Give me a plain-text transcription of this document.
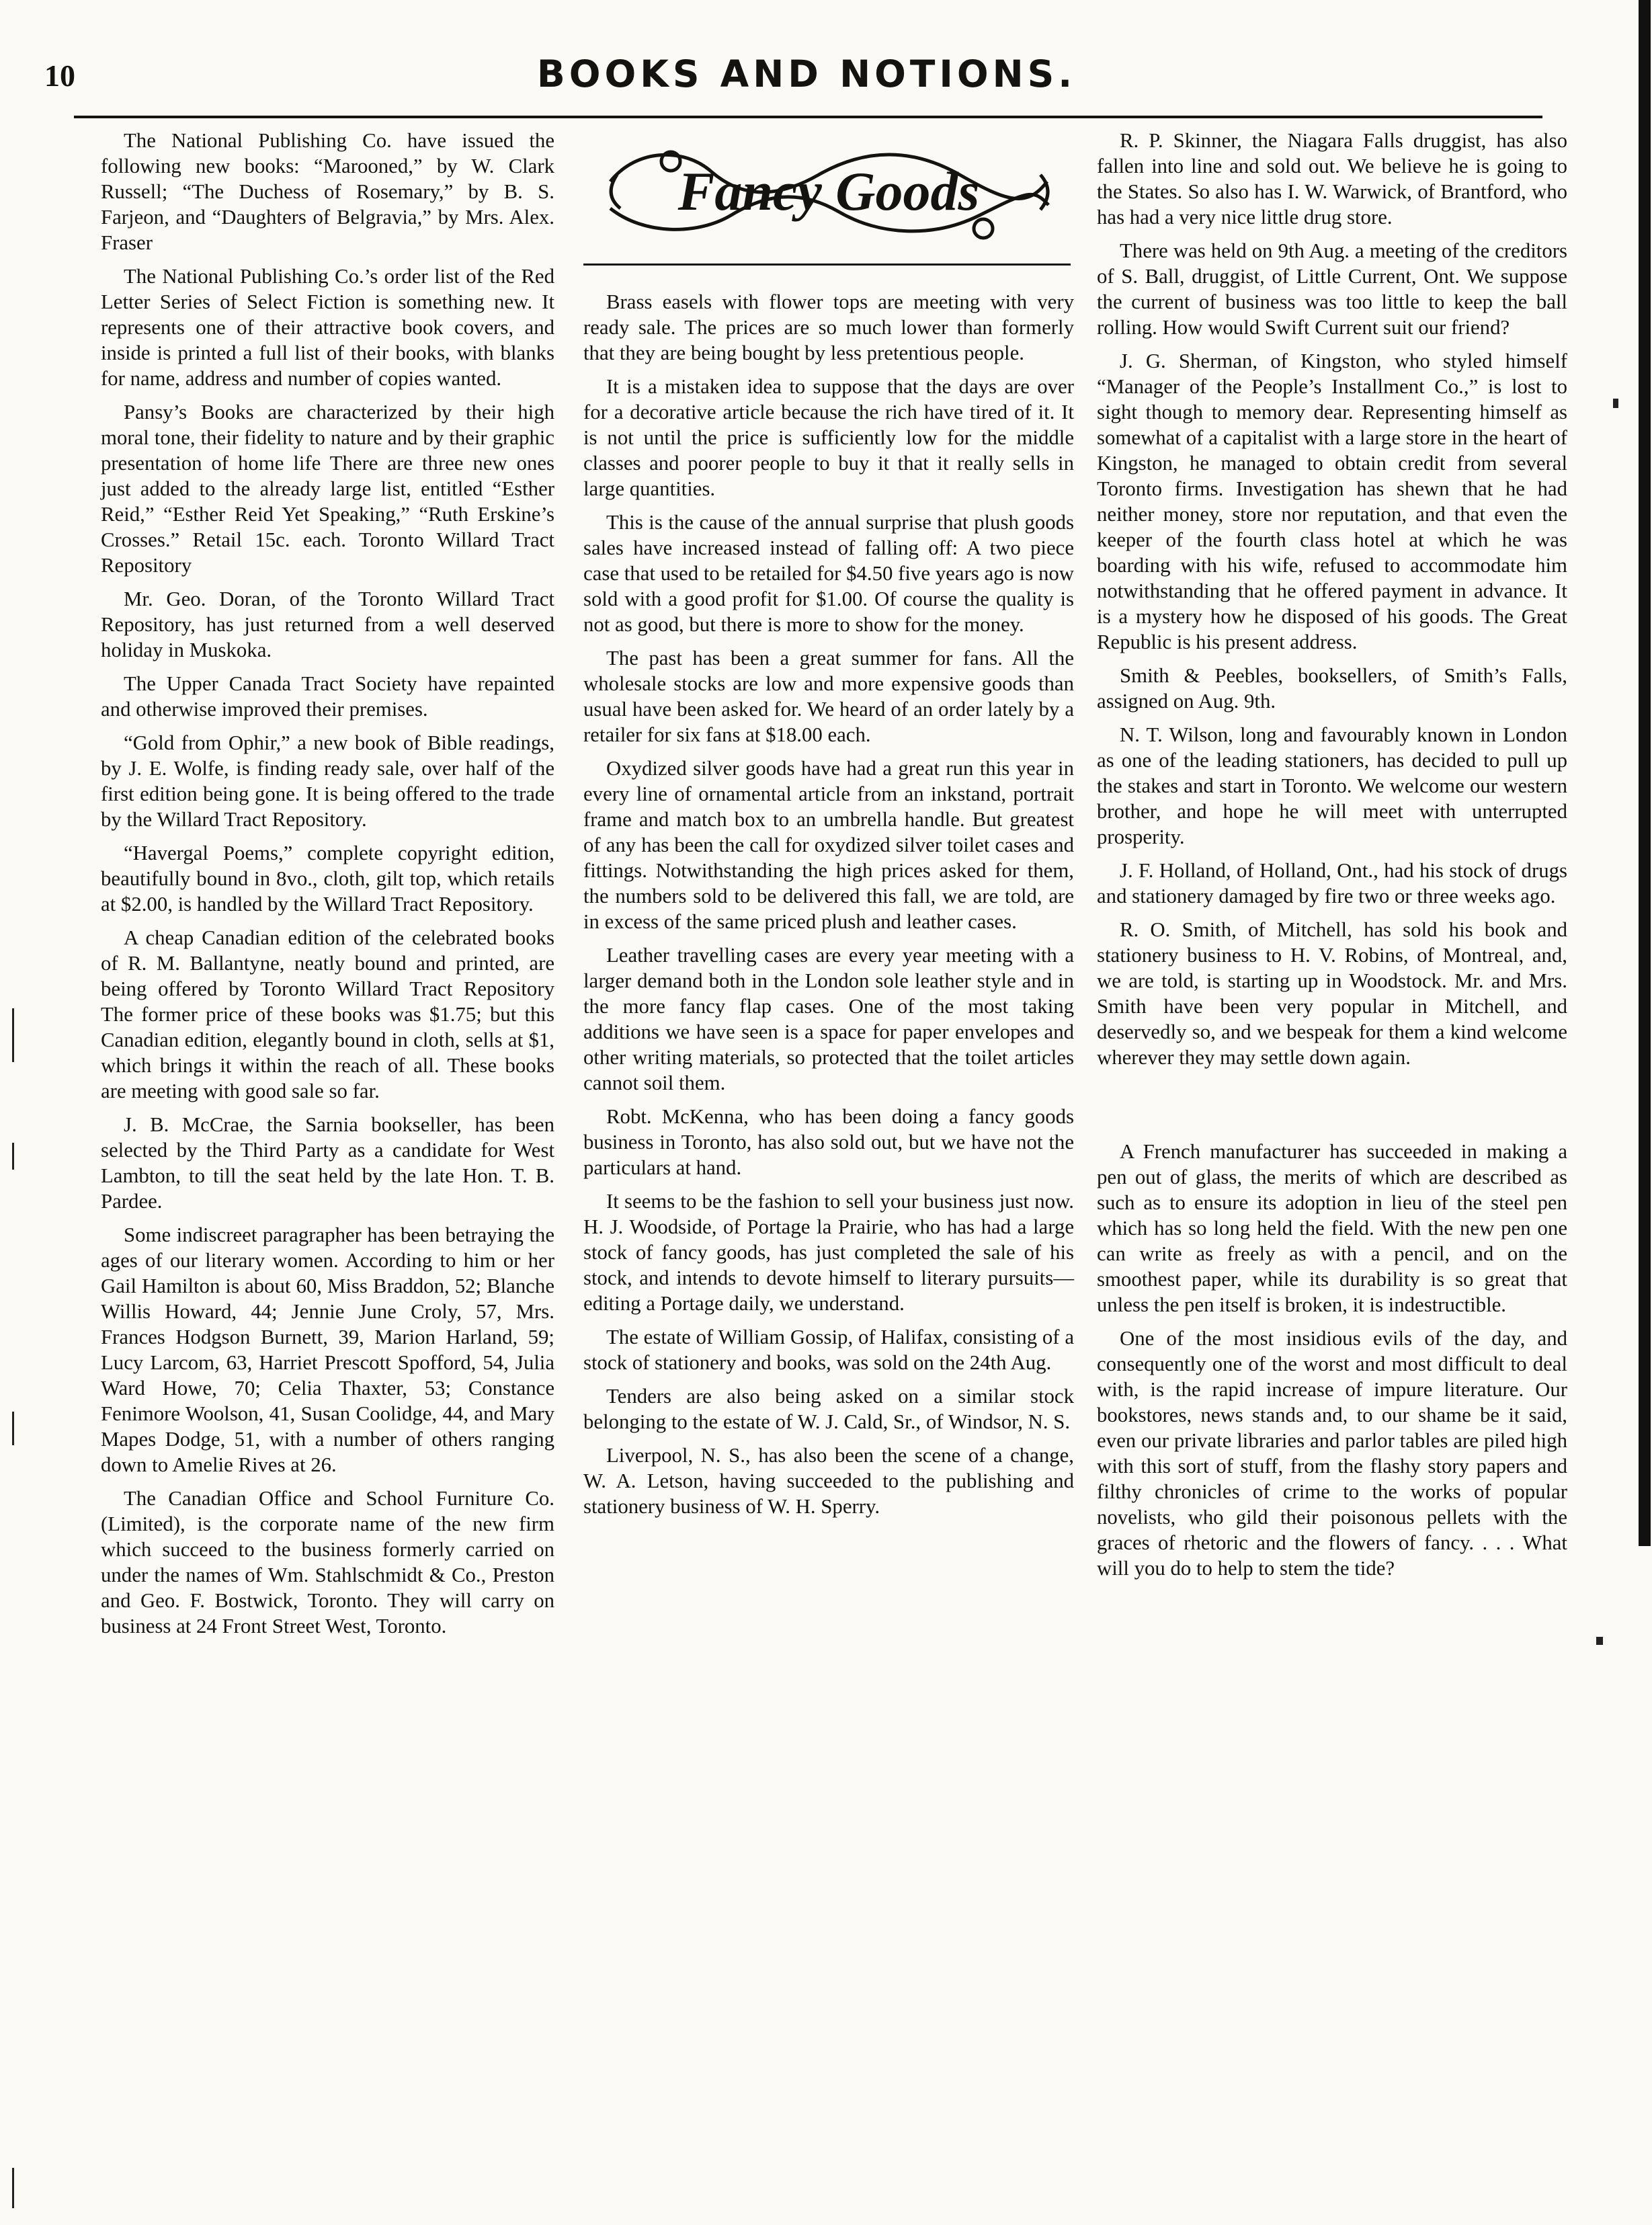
10	BOOKS AND NOTIONS.

The National Publishing Co. have issued the following new books: “Marooned,” by W. Clark Russell; “The Duchess of Rosemary,” by B. S. Farjeon, and “Daughters of Belgravia,” by Mrs. Alex. Fraser

The National Publishing Co.’s order list of the Red Letter Series of Select Fiction is something new. It represents one of their attractive book covers, and inside is printed a full list of their books, with blanks for name, address and number of copies wanted.

Pansy’s Books are characterized by their high moral tone, their fidelity to nature and by their graphic presentation of home life There are three new ones just added to the already large list, entitled “Esther Reid,” “Esther Reid Yet Speaking,” “Ruth Erskine’s Crosses.” Retail 15c. each. Toronto Willard Tract Repository

Mr. Geo. Doran, of the Toronto Willard Tract Repository, has just returned from a well deserved holiday in Muskoka.

The Upper Canada Tract Society have repainted and otherwise improved their premises.

“Gold from Ophir,” a new book of Bible readings, by J. E. Wolfe, is finding ready sale, over half of the first edition being gone. It is being offered to the trade by the Willard Tract Repository.

“Havergal Poems,” complete copyright edition, beautifully bound in 8vo., cloth, gilt top, which retails at $2.00, is handled by the Willard Tract Repository.

A cheap Canadian edition of the celebrated books of R. M. Ballantyne, neatly bound and printed, are being offered by Toronto Willard Tract Repository The former price of these books was $1.75; but this Canadian edition, elegantly bound in cloth, sells at $1, which brings it within the reach of all. These books are meeting with good sale so far.

J. B. McCrae, the Sarnia bookseller, has been selected by the Third Party as a candidate for West Lambton, to till the seat held by the late Hon. T. B. Pardee.

Some indiscreet paragrapher has been betraying the ages of our literary women. According to him or her Gail Hamilton is about 60, Miss Braddon, 52; Blanche Willis Howard, 44; Jennie June Croly, 57, Mrs. Frances Hodgson Burnett, 39, Marion Harland, 59; Lucy Larcom, 63, Harriet Prescott Spofford, 54, Julia Ward Howe, 70; Celia Thaxter, 53; Constance Fenimore Woolson, 41, Susan Coolidge, 44, and Mary Mapes Dodge, 51, with a number of others ranging down to Amelie Rives at 26.

The Canadian Office and School Furniture Co. (Limited), is the corporate name of the new firm which succeed to the business formerly carried on under the names of Wm. Stahlschmidt & Co., Preston and Geo. F. Bostwick, Toronto. They will carry on business at 24 Front Street West, Toronto.

Fancy Goods

Brass easels with flower tops are meeting with very ready sale. The prices are so much lower than formerly that they are being bought by less pretentious people.

It is a mistaken idea to suppose that the days are over for a decorative article because the rich have tired of it. It is not until the price is sufficiently low for the middle classes and poorer people to buy it that it really sells in large quantities.

This is the cause of the annual surprise that plush goods sales have increased instead of falling off: A two piece case that used to be retailed for $4.50 five years ago is now sold with a good profit for $1.00. Of course the quality is not as good, but there is more to show for the money.

The past has been a great summer for fans. All the wholesale stocks are low and more expensive goods than usual have been asked for. We heard of an order lately by a retailer for six fans at $18.00 each.

Oxydized silver goods have had a great run this year in every line of ornamental article from an inkstand, portrait frame and match box to an umbrella handle. But greatest of any has been the call for oxydized silver toilet cases and fittings. Notwithstanding the high prices asked for them, the numbers sold to be delivered this fall, we are told, are in excess of the same priced plush and leather cases.

Leather travelling cases are every year meeting with a larger demand both in the London sole leather style and in the more fancy flap cases. One of the most taking additions we have seen is a space for paper envelopes and other writing materials, so protected that the toilet articles cannot soil them.

Robt. McKenna, who has been doing a fancy goods business in Toronto, has also sold out, but we have not the particulars at hand.

It seems to be the fashion to sell your business just now. H. J. Woodside, of Portage la Prairie, who has had a large stock of fancy goods, has just completed the sale of his stock, and intends to devote himself to literary pursuits—editing a Portage daily, we understand.

The estate of William Gossip, of Halifax, consisting of a stock of stationery and books, was sold on the 24th Aug.

Tenders are also being asked on a similar stock belonging to the estate of W. J. Cald, Sr., of Windsor, N. S.

Liverpool, N. S., has also been the scene of a change, W. A. Letson, having succeeded to the publishing and stationery business of W. H. Sperry.

R. P. Skinner, the Niagara Falls druggist, has also fallen into line and sold out. We believe he is going to the States. So also has I. W. Warwick, of Brantford, who has had a very nice little drug store.

There was held on 9th Aug. a meeting of the creditors of S. Ball, druggist, of Little Current, Ont. We suppose the current of business was too little to keep the ball rolling. How would Swift Current suit our friend?

J. G. Sherman, of Kingston, who styled himself “Manager of the People’s Installment Co.,” is lost to sight though to memory dear. Representing himself as somewhat of a capitalist with a large store in the heart of Kingston, he managed to obtain credit from several Toronto firms. Investigation has shewn that he had neither money, store nor reputation, and that even the keeper of the fourth class hotel at which he was boarding with his wife, refused to accommodate him notwithstanding that he offered payment in advance. It is a mystery how he disposed of his goods. The Great Republic is his present address.

Smith & Peebles, booksellers, of Smith’s Falls, assigned on Aug. 9th.

N. T. Wilson, long and favourably known in London as one of the leading stationers, has decided to pull up the stakes and start in Toronto. We welcome our western brother, and hope he will meet with unterrupted prosperity.

J. F. Holland, of Holland, Ont., had his stock of drugs and stationery damaged by fire two or three weeks ago.

R. O. Smith, of Mitchell, has sold his book and stationery business to H. V. Robins, of Montreal, and, we are told, is starting up in Woodstock. Mr. and Mrs. Smith have been very popular in Mitchell, and deservedly so, and we bespeak for them a kind welcome wherever they may settle down again.

A French manufacturer has succeeded in making a pen out of glass, the merits of which are described as such as to ensure its adoption in lieu of the steel pen which has so long held the field. With the new pen one can write as freely as with a pencil, and on the smoothest paper, while its durability is so great that unless the pen itself is broken, it is indestructible.

One of the most insidious evils of the day, and consequently one of the worst and most difficult to deal with, is the rapid increase of impure literature. Our bookstores, news stands and, to our shame be it said, even our private libraries and parlor tables are piled high with this sort of stuff, from the flashy story papers and filthy chronicles of crime to the works of popular novelists, who gild their poisonous pellets with the graces of rhetoric and the flowers of fancy. . . . What will you do to help to stem the tide?
